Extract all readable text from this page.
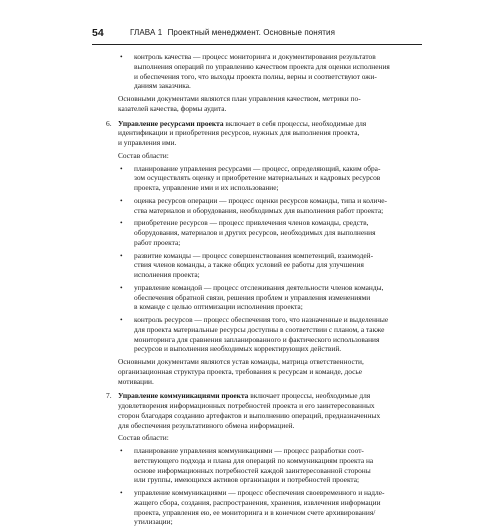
54	ГЛАВА 1 Проектный менеджмент. Основные понятия
• контроль качества — процесс мониторинга и документирования результатов

выполнения операций по управлению качеством проекта для оценки исполнения

и обеспечения того, что выходы проекта полны, верны и соответствуют ожи-

даниям заказчика.

Основными документами являются план управления качеством, метрики по-

казателей качества, формы аудита.

6. Управление ресурсами проекта включает в себя процессы, необходимые для

идентификации и приобретения ресурсов, нужных для выполнения проекта,

и управления ими.

Состав области:

• планирование управления ресурсами — процесс, определяющий, каким обра-

зом осуществлять оценку и приобретение материальных и кадровых ресурсов

проекта, управление ими и их использование;

• оценка ресурсов операции — процесс оценки ресурсов команды, типа и количе-

ства материалов и оборудования, необходимых для выполнения работ проекта;

• приобретение ресурсов — процесс привлечения членов команды, средств,

оборудования, материалов и других ресурсов, необходимых для выполнения

работ проекта;

• развитие команды — процесс совершенствования компетенций, взаимодей-

ствия членов команды, а также общих условий ее работы для улучшения

исполнения проекта;

• управление командой — процесс отслеживания деятельности членов команды,

обеспечения обратной связи, решения проблем и управления изменениями

в команде с целью оптимизации исполнения проекта;

• контроль ресурсов — процесс обеспечения того, что назначенные и выделенные

для проекта материальные ресурсы доступны в соответствии с планом, а также

мониторинга для сравнения запланированного и фактического использования

ресурсов и выполнения необходимых корректирующих действий.

Основными документами являются устав команды, матрица ответственности,

организационная структура проекта, требования к ресурсам и команде, досье

мотивации.

7. Управление коммуникациями проекта включает процессы, необходимые для

удовлетворения информационных потребностей проекта и его заинтересованных

сторон благодаря созданию артефактов и выполнению операций, предназначенных

для обеспечения результативного обмена информацией.

Состав области:

• планирование управления коммуникациями — процесс разработки соот-

ветствующего подхода и плана для операций по коммуникациям проекта на

основе информационных потребностей каждой заинтересованной стороны

или группы, имеющихся активов организации и потребностей проекта;

• управление коммуникациями — процесс обеспечения своевременного и надле-

жащего сбора, создания, распространения, хранения, извлечения информации

проекта, управления ею, ее мониторинга и в конечном счете архивирования/

утилизации;
